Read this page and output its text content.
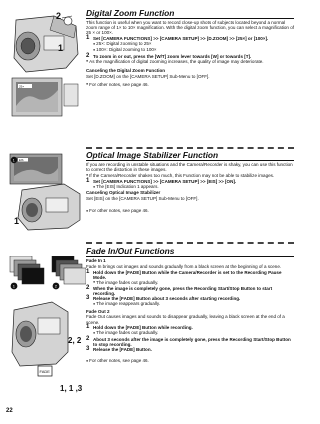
25×
2
1
Digital Zoom Function

This function is useful when you want to record close-up shots of subjects located beyond a normal zoom range of 1× to 10× magnification. With the digital zoom function, you can select a magnification of 25 × or 100×.

1 Set [CAMERA FUNCTIONS] >> [CAMERA SETUP] >> [D.ZOOM] >> [25×] or [100×].
● 25×: Digital zooming to 25×
● 100×: Digital zooming to 100×
2 To zoom in or out, press the [W/T] zoom lever towards [W] or towards [T].
● As the magnification of digital zooming increases, the quality of image may deteriorate.

Canceling the Digital Zoom Function

Set [D.ZOOM] on the [CAMERA SETUP] Sub-Menu to [OFF].

● For other notes, see page 46.

1 EIS
1
Optical Image Stabilizer Function

If you are recording in unstable situations and the Camera/Recorder is shaky, you can use this function to correct the distortion in these images.

● If the Camera/Recorder shakes too much, this Function may not be able to stabilize images.
1 Set [CAMERA FUNCTIONS] >> [CAMERA SETUP] >> [EIS] >> [ON].
● The [EIS] Indication 1 appears.

Canceling Optical Image Stabilizer

Set [EIS] on the [CAMERA SETUP] Sub-Menu to [OFF].

● For other notes, see page 46.

1	2
FADE
2, 2
1, 1 ,3
Fade In/Out Functions

Fade In 1

Fade In brings out images and sounds gradually from a black screen at the beginning of a scene.

1 Hold down the [FADE] Button while the Camera/Recorder is set to the Recording Pause Mode.
● The image fades out gradually.
2 When the image is completely gone, press the Recording Start/Stop Button to start recording.
3 Release the [FADE] Button about 3 seconds after starting recording.
● The image reappears gradually.

Fade Out 2

Fade Out causes images and sounds to disappear gradually, leaving a black screen at the end of a scene.

1 Hold down the [FADE] Button while recording.
● The image fades out gradually.
2 About 3 seconds after the image is completely gone, press the Recording Start/Stop Button to stop recording.
3 Release the [FADE] Button.

● For other notes, see page 46.

22
